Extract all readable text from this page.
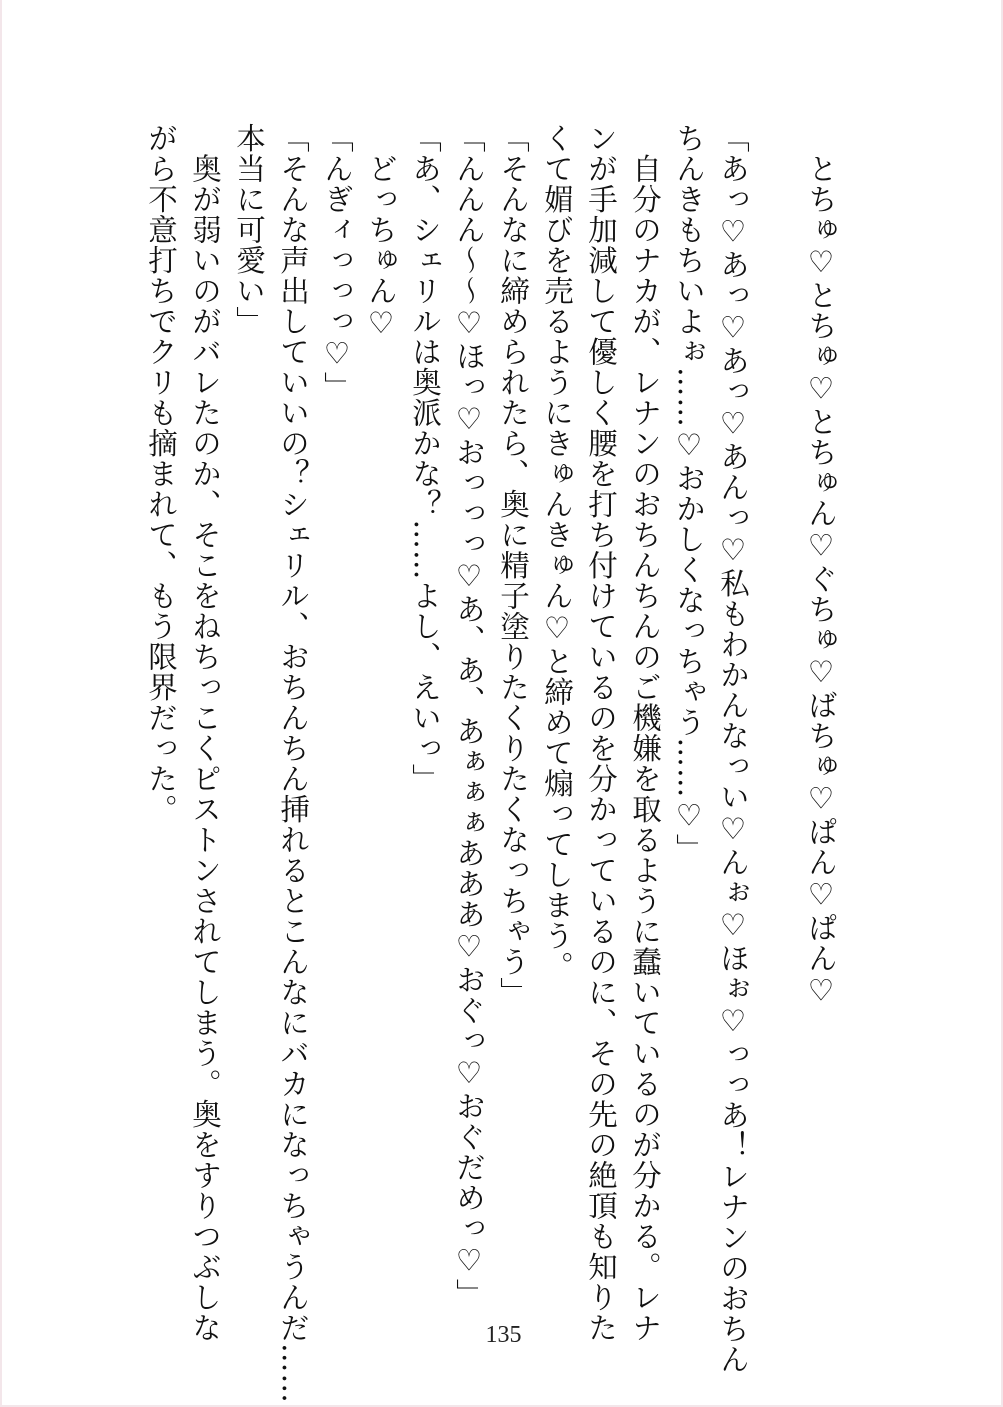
　とちゅ♡とちゅ♡とちゅん♡ぐちゅ♡ばちゅ♡ぱん♡ぱん♡

「あっ♡あっ♡あっ♡あんっ♡私もわかんなっい♡んぉ♡ほぉ♡っっあ！レナンのおちん

ちんきもちいよぉ……♡おかしくなっちゃう……♡」

　自分のナカが、レナンのおちんちんのご機嫌を取るように蠢いているのが分かる。レナ

ンが手加減して優しく腰を打ち付けているのを分かっているのに、その先の絶頂も知りた

くて媚びを売るようにきゅんきゅん♡と締めて煽ってしまう。

「そんなに締められたら、奥に精子塗りたくりたくなっちゃう」

「んんん〜〜♡ほっ♡おっっっ♡あ、あ、あぁぁぁあああ♡おぐっ♡おぐだめっ♡」

「あ、シェリルは奥派かな？……よし、えいっ」

　どっちゅん♡

「んぎィっっっ♡」

「そんな声出していいの？シェリル、おちんちん挿れるとこんなにバカになっちゃうんだ……

本当に可愛い」

　奥が弱いのがバレたのか、そこをねちっこくピストンされてしまう。奥をすりつぶしな

がら不意打ちでクリも摘まれて、もう限界だった。

135
